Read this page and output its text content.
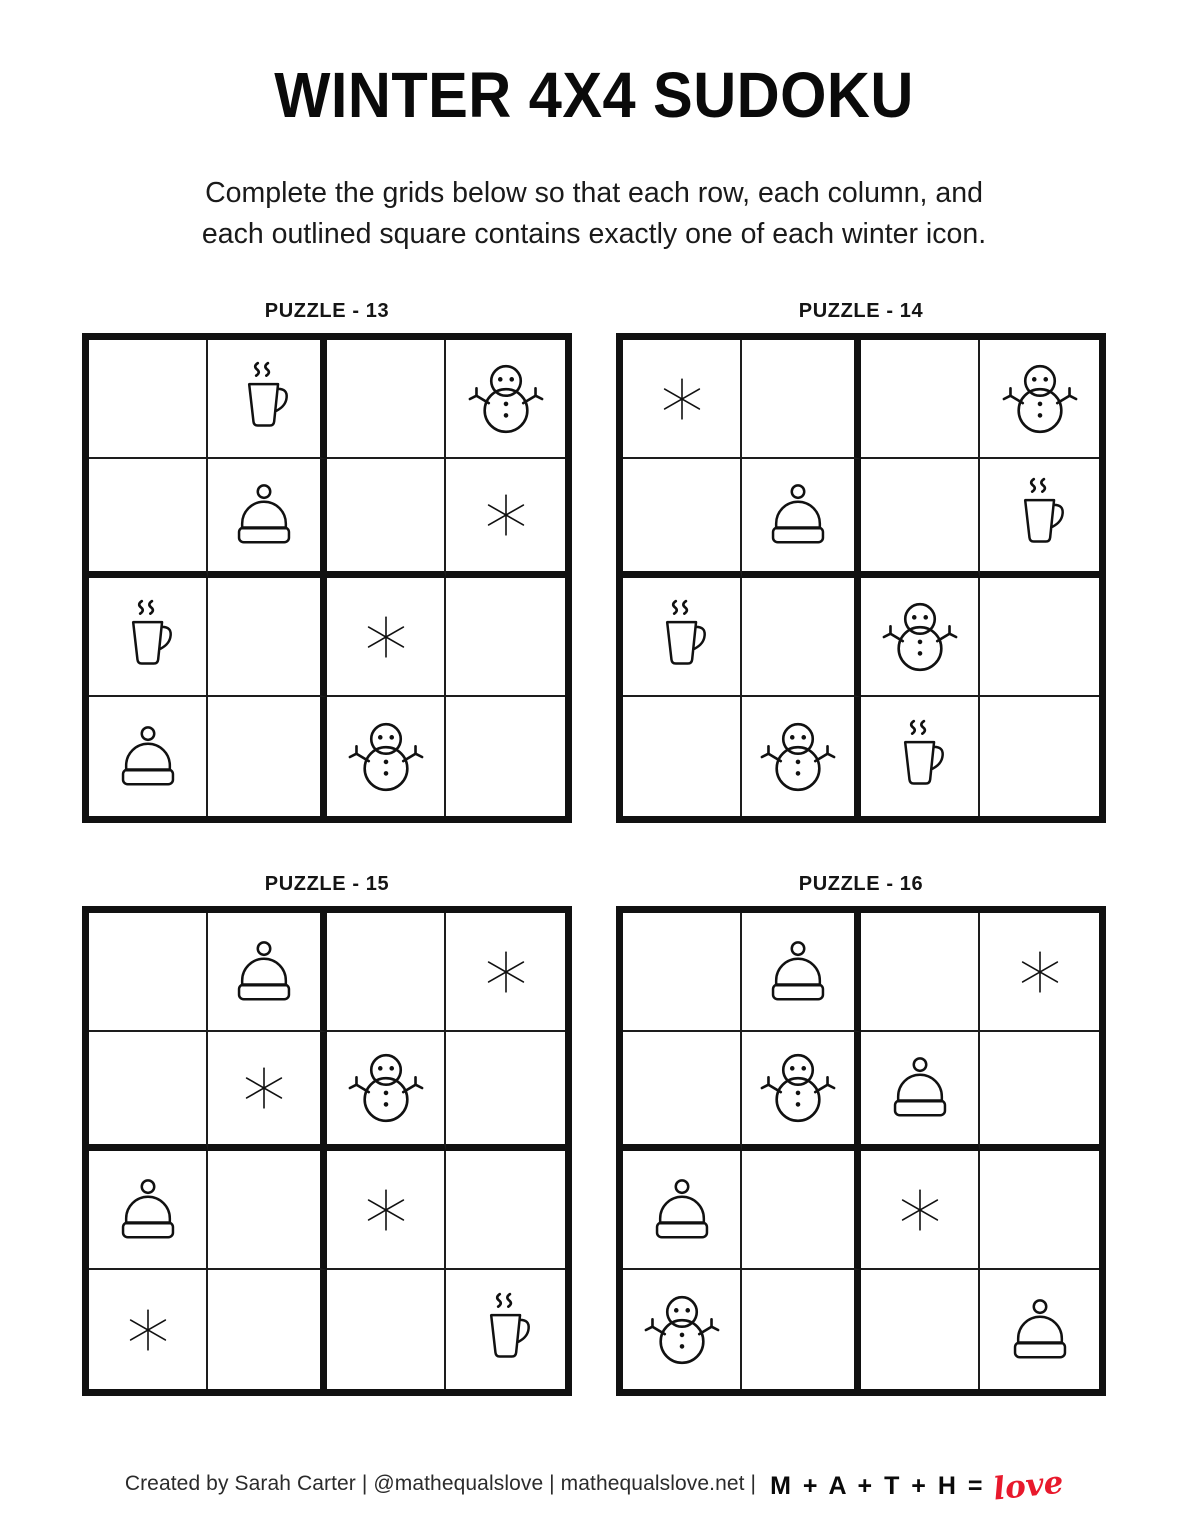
WINTER 4X4 SUDOKU

Complete the grids below so that each row, each column, and
each outlined square contains exactly one of each winter icon.

PUZZLE - 13	PUZZLE - 14
PUZZLE - 15	PUZZLE - 16
Created by Sarah Carter | @mathequalslove | mathequalslove.net | M + A + T + H = love
